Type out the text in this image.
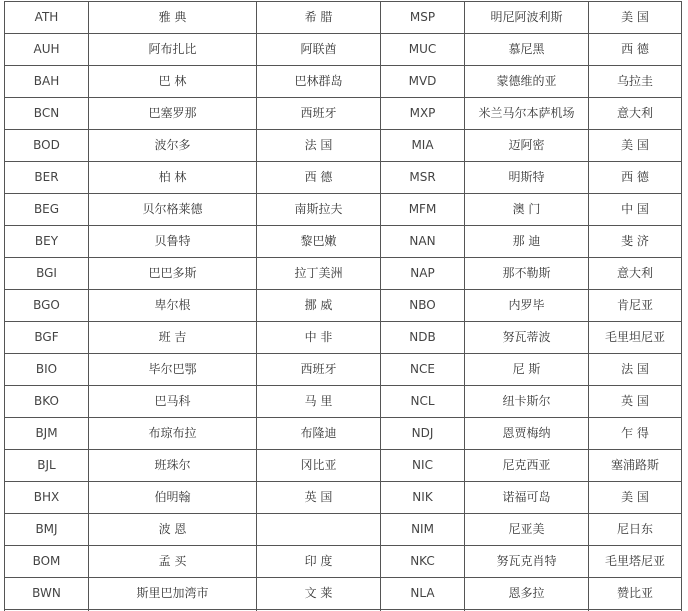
ATH	雅 典	希 腊	MSP	明尼阿波利斯	美 国
AUH	阿布扎比	阿联酋	MUC	慕尼黑	西 德
BAH	巴 林	巴林群岛	MVD	蒙德维的亚	乌拉圭
BCN	巴塞罗那	西班牙	MXP	米兰马尔本萨机场	意大利
BOD	波尔多	法 国	MIA	迈阿密	美 国
BER	柏 林	西 德	MSR	明斯特	西 德
BEG	贝尔格莱德	南斯拉夫	MFM	澳 门	中 国
BEY	贝鲁特	黎巴嫩	NAN	那 迪	斐 济
BGI	巴巴多斯	拉丁美洲	NAP	那不勒斯	意大利
BGO	卑尔根	挪 威	NBO	内罗毕	肯尼亚
BGF	班 吉	中 非	NDB	努瓦蒂波	毛里坦尼亚
BIO	毕尔巴鄂	西班牙	NCE	尼 斯	法 国
BKO	巴马科	马 里	NCL	纽卡斯尔	英 国
BJM	布琼布拉	布隆迪	NDJ	恩贾梅纳	乍 得
BJL	班珠尔	冈比亚	NIC	尼克西亚	塞浦路斯
BHX	伯明翰	英 国	NIK	诺福可岛	美 国
BMJ	波 恩		NIM	尼亚美	尼日东
BOM	孟 买	印 度	NKC	努瓦克肖特	毛里塔尼亚
BWN	斯里巴加湾市	文 莱	NLA	恩多拉	赞比亚
